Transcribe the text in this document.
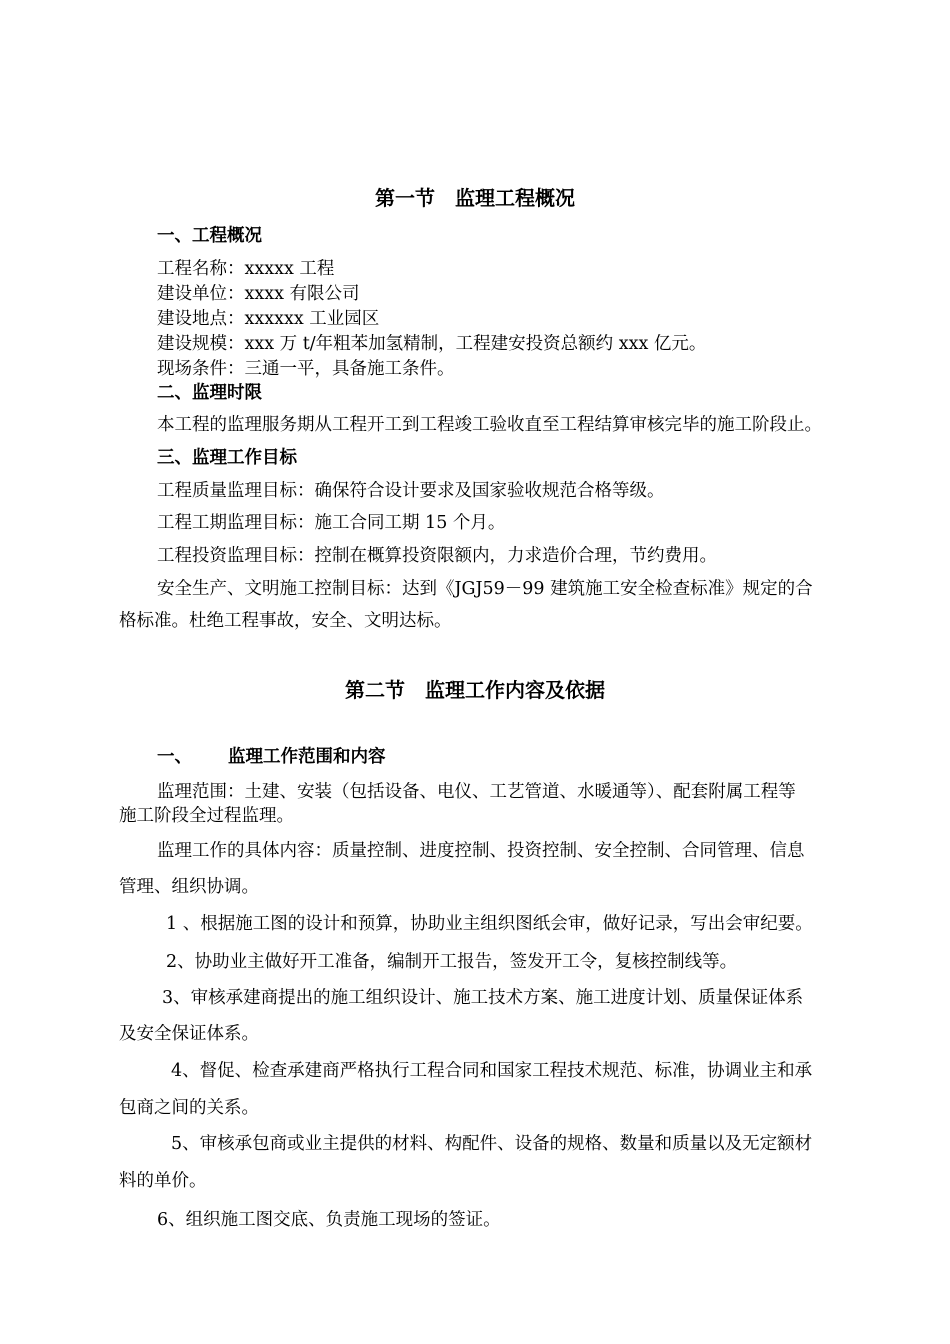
第一节　监理工程概况
一、工程概况
工程名称：xxxxx 工程
建设单位：xxxx 有限公司
建设地点：xxxxxx 工业园区
建设规模：xxx 万 t/年粗苯加氢精制，工程建安投资总额约 xxx 亿元。
现场条件：三通一平，具备施工条件。
二、监理时限
本工程的监理服务期从工程开工到工程竣工验收直至工程结算审核完毕的施工阶段止。
三、监理工作目标
工程质量监理目标：确保符合设计要求及国家验收规范合格等级。
工程工期监理目标：施工合同工期 15 个月。
工程投资监理目标：控制在概算投资限额内，力求造价合理，节约费用。
安全生产、文明施工控制目标：达到《JGJ59－99 建筑施工安全检查标准》规定的合
格标准。杜绝工程事故，安全、文明达标。
第二节　监理工作内容及依据
一、 监理工作范围和内容
监理范围：土建、安装（包括设备、电仪、工艺管道、水暖通等）、配套附属工程等
施工阶段全过程监理。
监理工作的具体内容：质量控制、进度控制、投资控制、安全控制、合同管理、信息
管理、组织协调。
1 、根据施工图的设计和预算，协助业主组织图纸会审，做好记录，写出会审纪要。
2、协助业主做好开工准备，编制开工报告，签发开工令，复核控制线等。
3、审核承建商提出的施工组织设计、施工技术方案、施工进度计划、质量保证体系
及安全保证体系。
4、督促、检查承建商严格执行工程合同和国家工程技术规范、标准，协调业主和承
包商之间的关系。
5、审核承包商或业主提供的材料、构配件、设备的规格、数量和质量以及无定额材
料的单价。
6、组织施工图交底、负责施工现场的签证。
